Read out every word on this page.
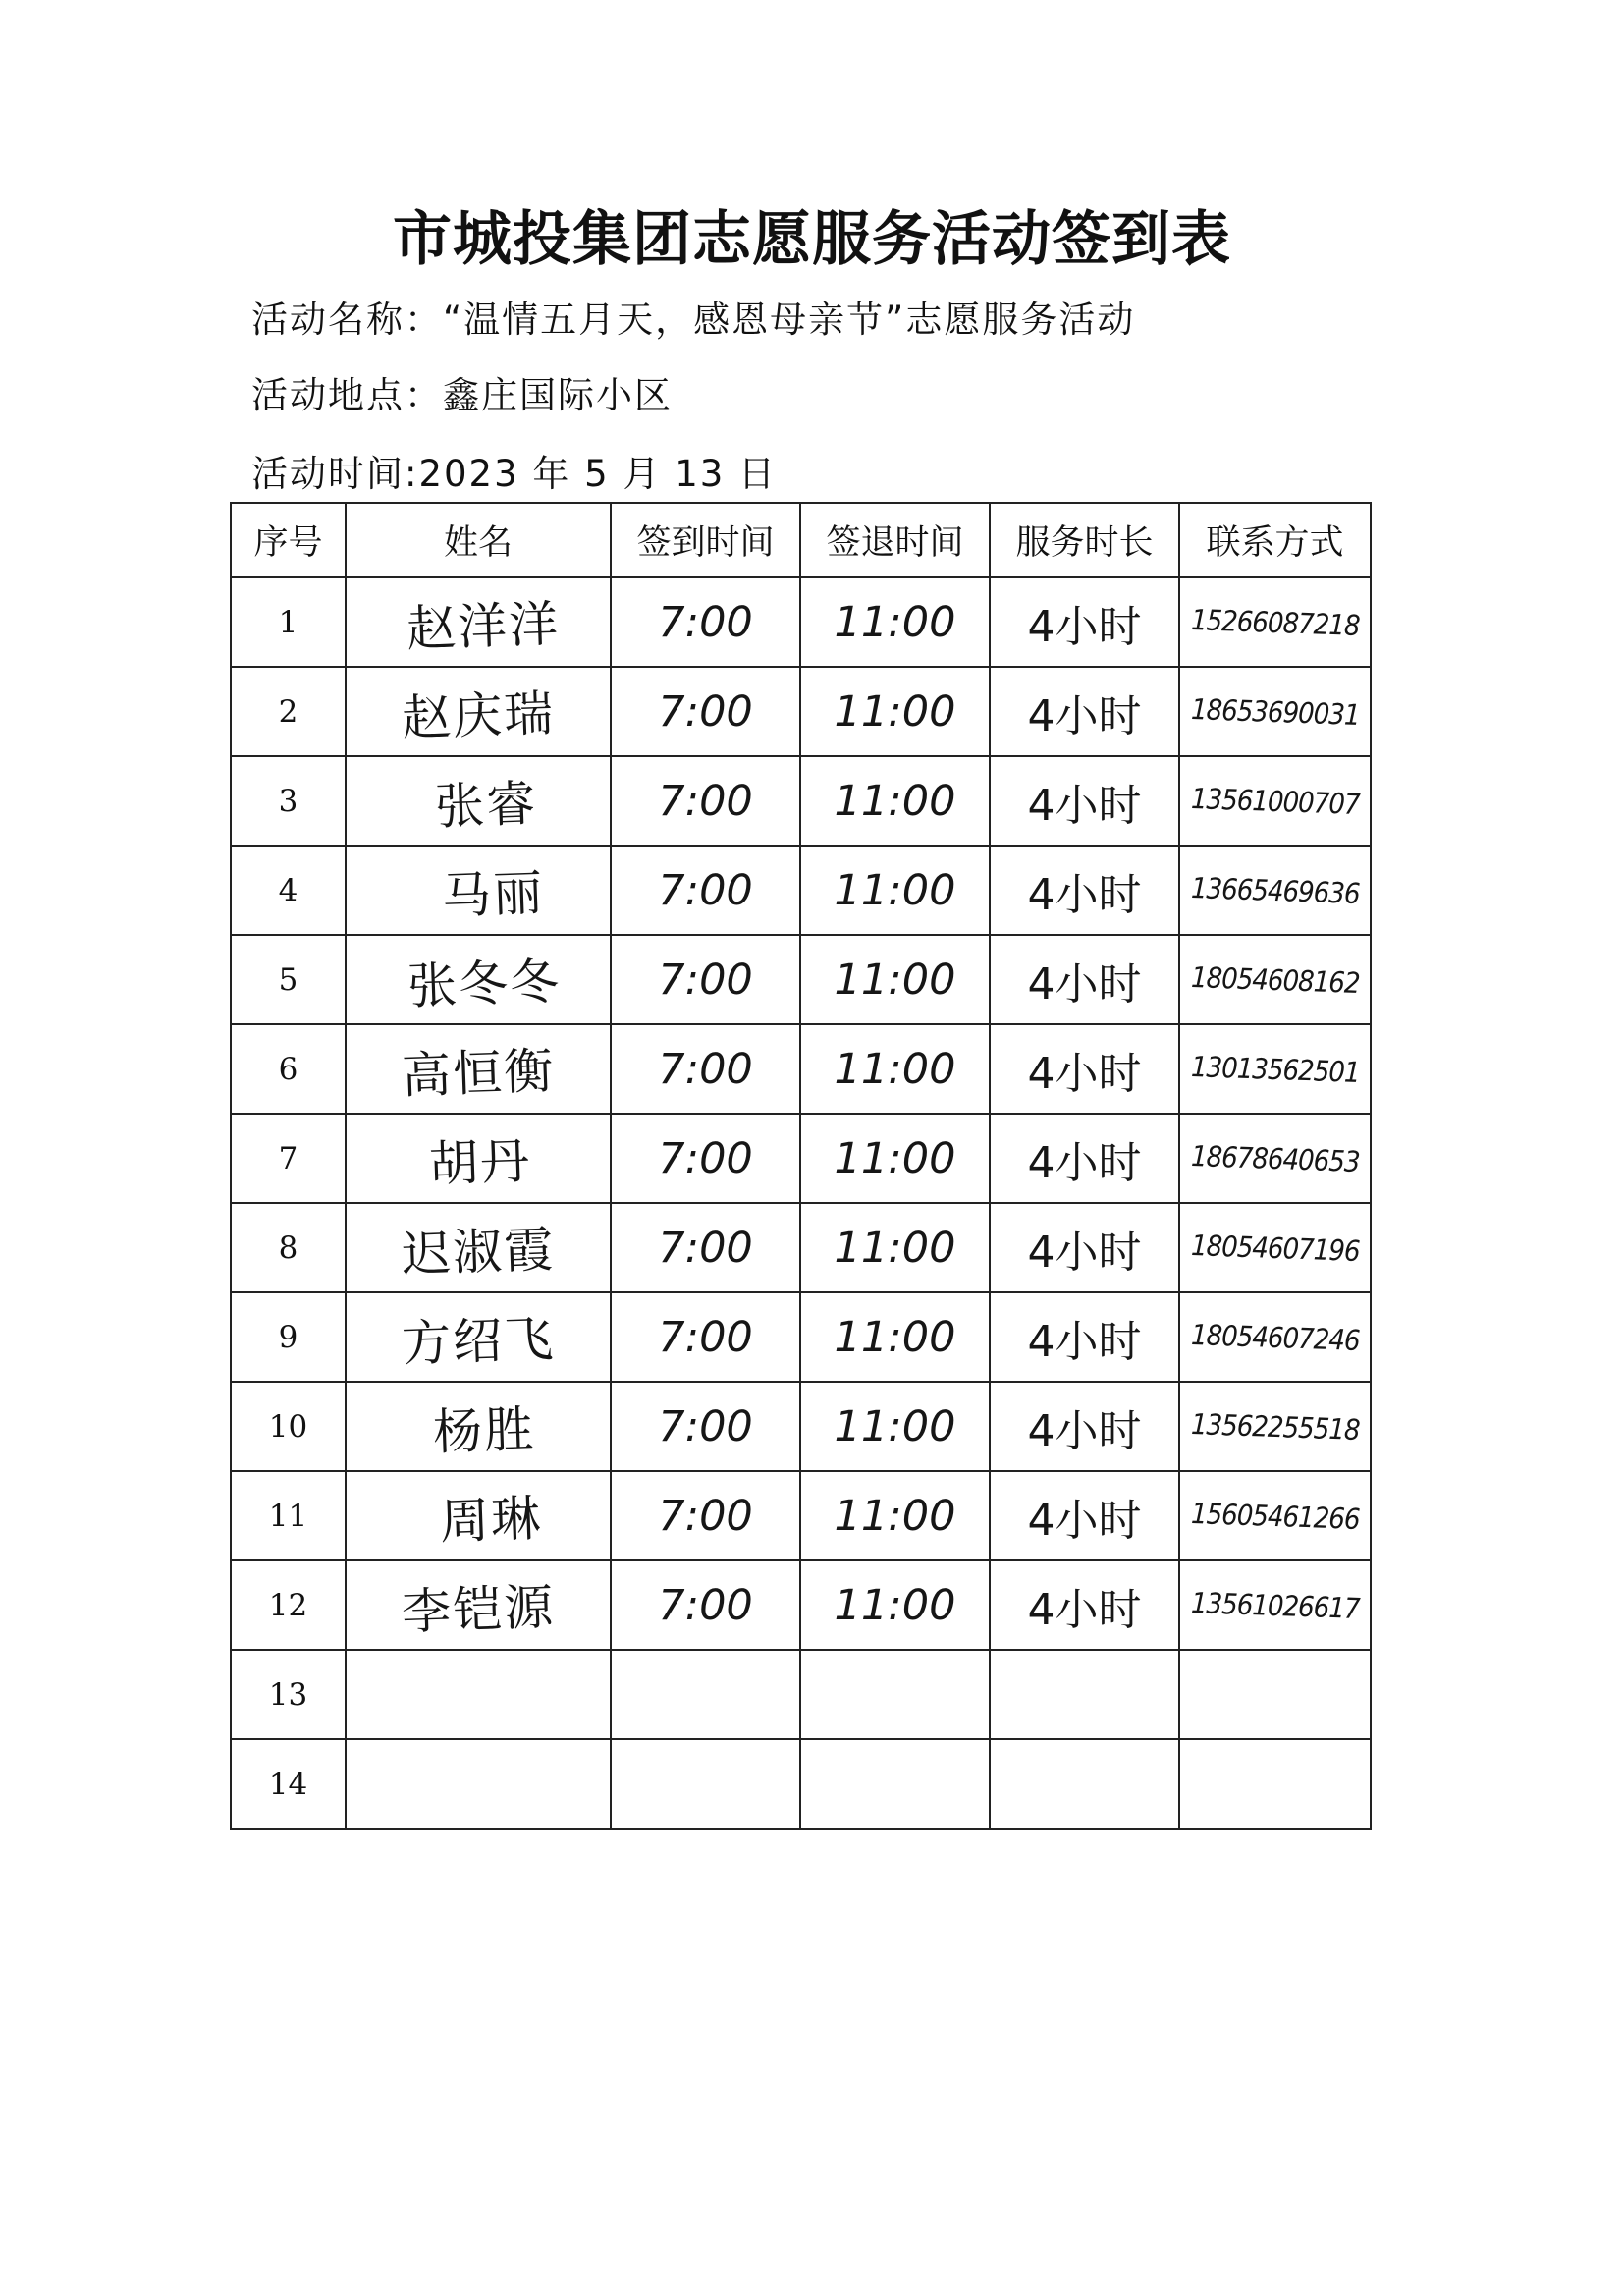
市城投集团志愿服务活动签到表
活动名称：“温情五月天，感恩母亲节”志愿服务活动
活动地点：鑫庄国际小区
活动时间:2023 年 5 月 13 日
序号	姓名	签到时间	签退时间	服务时长	联系方式
1	赵洋洋	7:00	11:00	4小时	15266087218
2	赵庆瑞	7:00	11:00	4小时	18653690031
3	张睿	7:00	11:00	4小时	13561000707
4	马丽	7:00	11:00	4小时	13665469636
5	张冬冬	7:00	11:00	4小时	18054608162
6	高恒衡	7:00	11:00	4小时	13013562501
7	胡丹	7:00	11:00	4小时	18678640653
8	迟淑霞	7:00	11:00	4小时	18054607196
9	方绍飞	7:00	11:00	4小时	18054607246
10	杨胜	7:00	11:00	4小时	13562255518
11	周琳	7:00	11:00	4小时	15605461266
12	李铠源	7:00	11:00	4小时	13561026617
13					
14					
